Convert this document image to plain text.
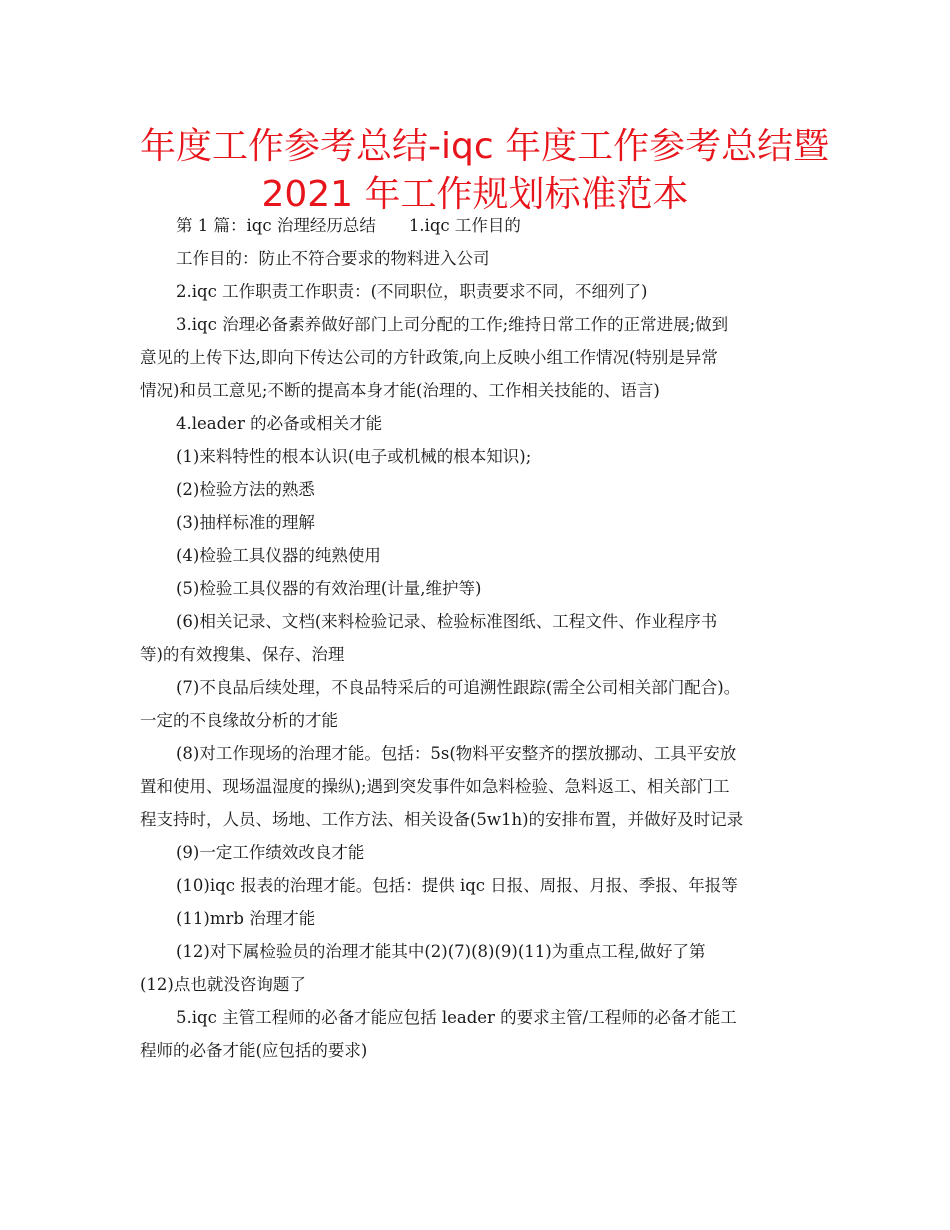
年度工作参考总结-iqc 年度工作参考总结暨
2021 年工作规划标准范本

第 1 篇：iqc 治理经历总结　　1.iqc 工作目的

工作目的：防止不符合要求的物料进入公司

2.iqc 工作职责工作职责：(不同职位，职责要求不同，不细列了)

3.iqc 治理必备素养做好部门上司分配的工作;维持日常工作的正常进展;做到

意见的上传下达,即向下传达公司的方针政策,向上反映小组工作情况(特别是异常

情况)和员工意见;不断的提高本身才能(治理的、工作相关技能的、语言)

4.leader 的必备或相关才能

(1)来料特性的根本认识(电子或机械的根本知识);

(2)检验方法的熟悉

(3)抽样标准的理解

(4)检验工具仪器的纯熟使用

(5)检验工具仪器的有效治理(计量,维护等)

(6)相关记录、文档(来料检验记录、检验标准图纸、工程文件、作业程序书

等)的有效搜集、保存、治理

(7)不良品后续处理，不良品特采后的可追溯性跟踪(需全公司相关部门配合)。

一定的不良缘故分析的才能

(8)对工作现场的治理才能。包括：5s(物料平安整齐的摆放挪动、工具平安放

置和使用、现场温湿度的操纵);遇到突发事件如急料检验、急料返工、相关部门工

程支持时，人员、场地、工作方法、相关设备(5w1h)的安排布置，并做好及时记录

(9)一定工作绩效改良才能

(10)iqc 报表的治理才能。包括：提供 iqc 日报、周报、月报、季报、年报等

(11)mrb 治理才能

(12)对下属检验员的治理才能其中(2)(7)(8)(9)(11)为重点工程,做好了第

(12)点也就没咨询题了

5.iqc 主管工程师的必备才能应包括 leader 的要求主管/工程师的必备才能工

程师的必备才能(应包括的要求)
